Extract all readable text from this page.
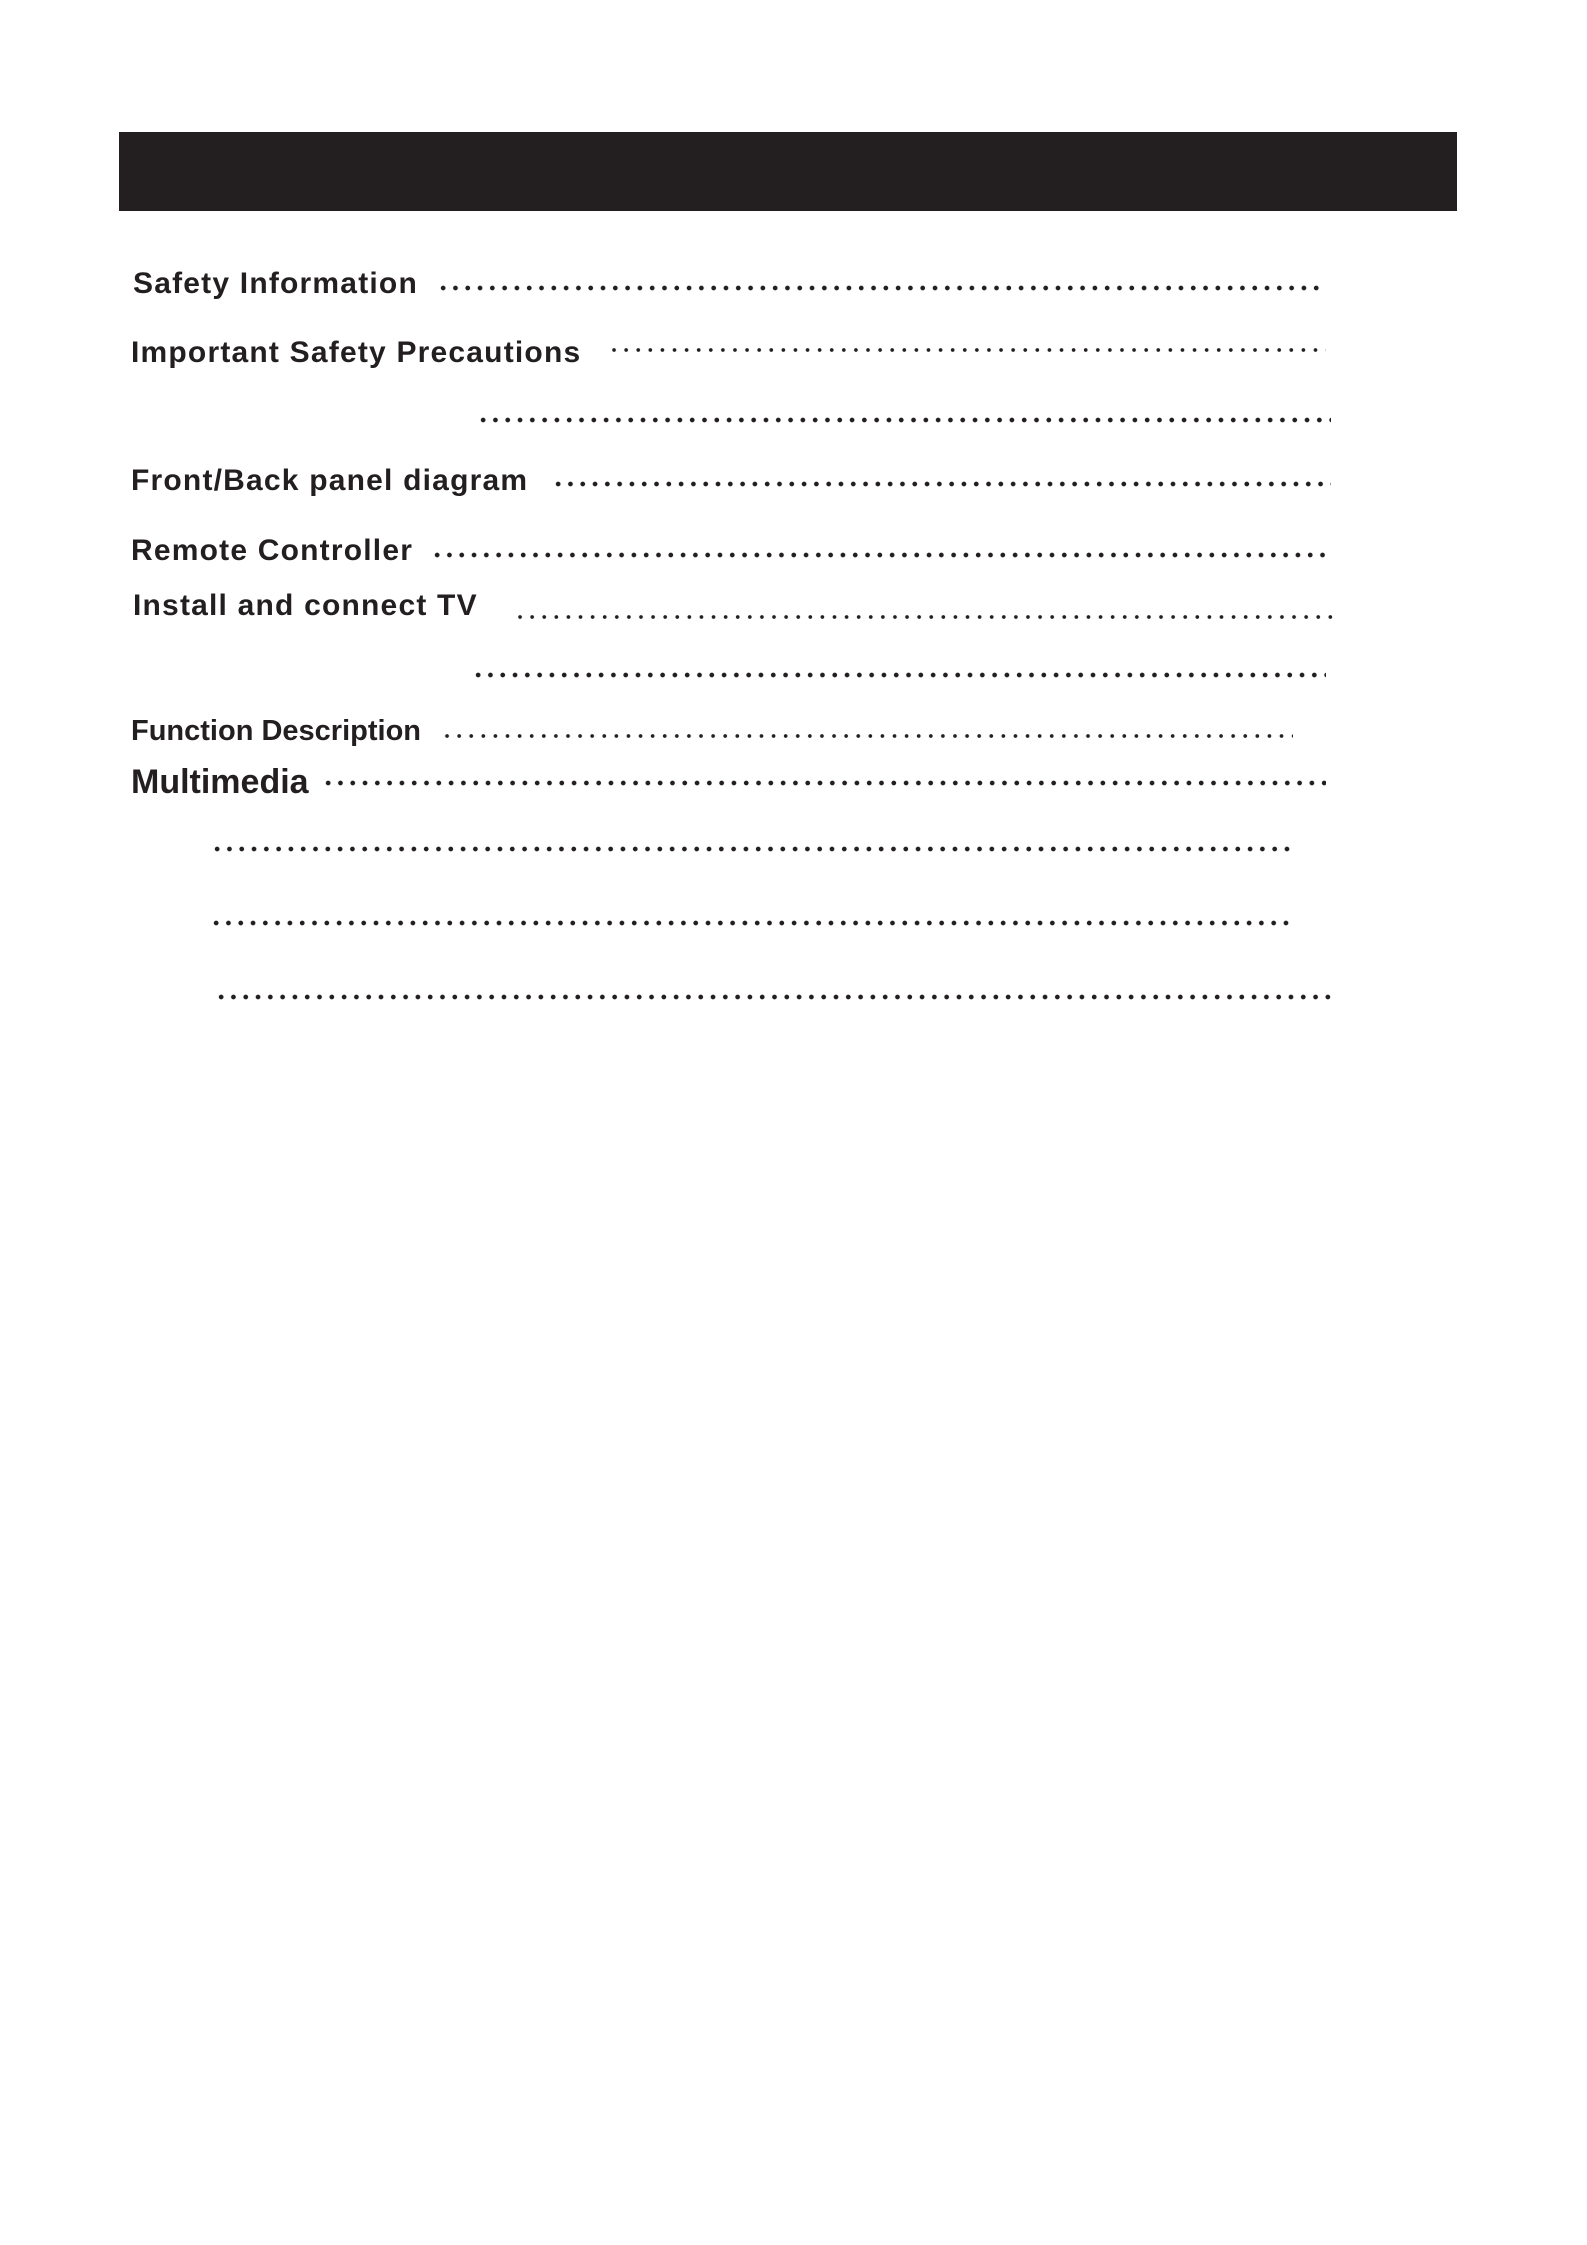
Safety Information
Important Safety Precautions
Front/Back panel diagram
Remote Controller
Install and connect TV
Function Description
Multimedia
